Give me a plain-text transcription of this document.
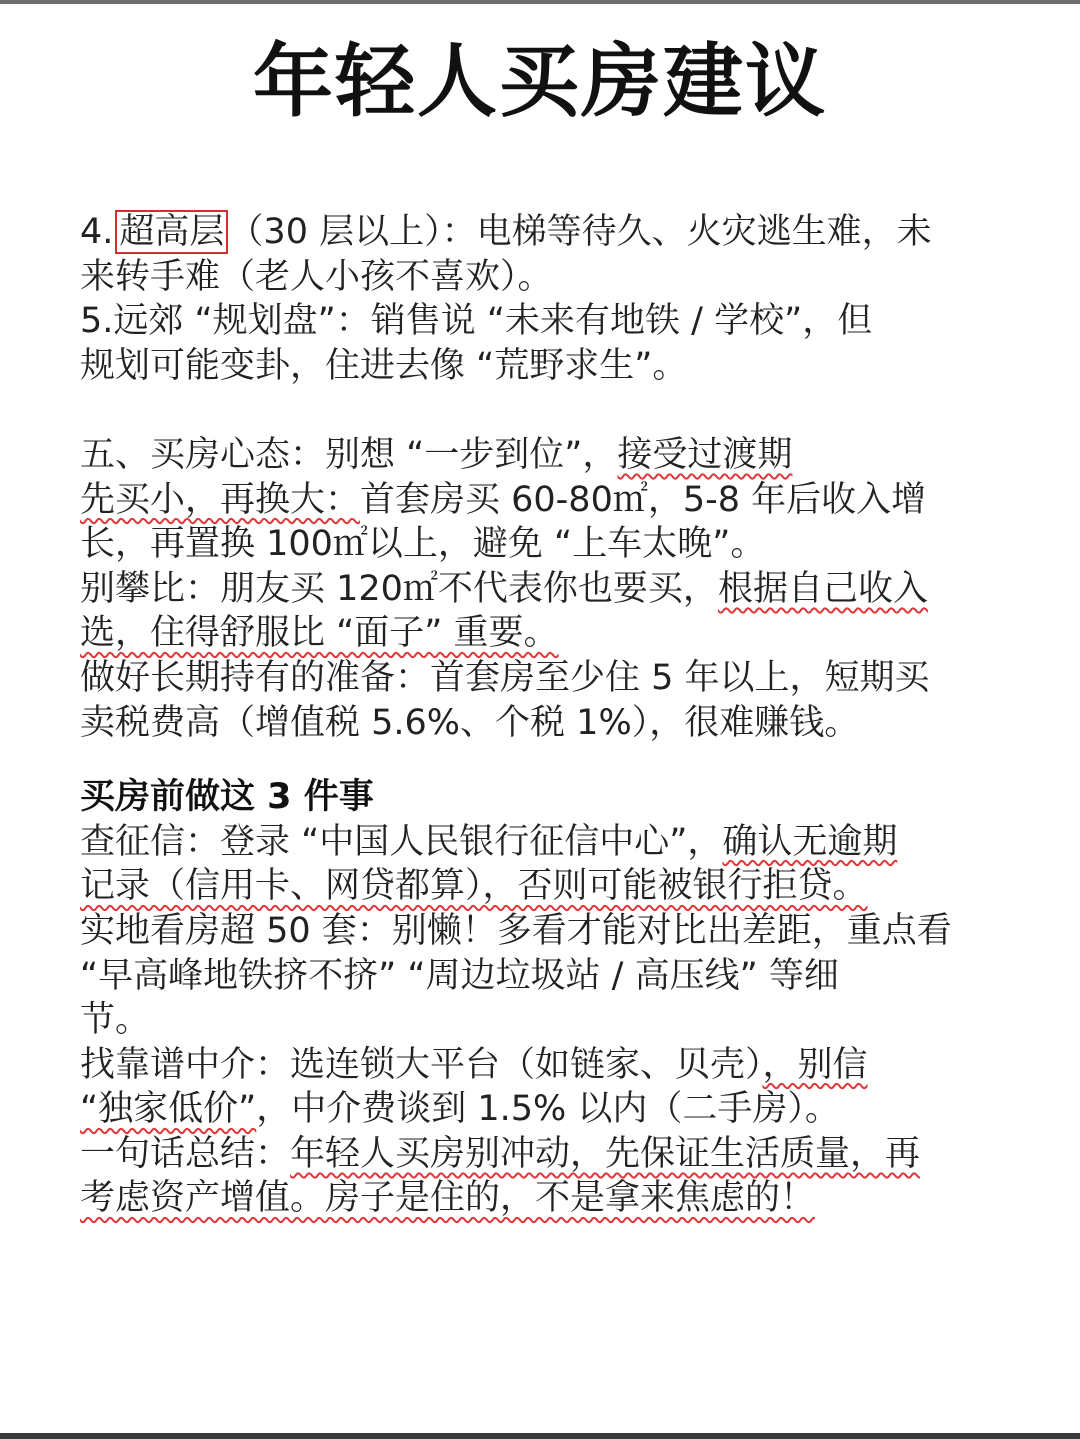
年轻人买房建议
4. 超高层 （30 层以上）：电梯等待久、火灾逃生难，未
来转手难（老人小孩不喜欢）。
5.远郊 “规划盘”：销售说 “未来有地铁 / 学校”，但
规划可能变卦，住进去像 “荒野求生”。
五、买房心态：别想 “一步到位”，接受过渡期
先买小，再换大：首套房买 60-80㎡，5-8 年后收入增
长，再置换 100㎡以上，避免 “上车太晚”。
别攀比：朋友买 120㎡不代表你也要买，根据自己收入
选，住得舒服比 “面子” 重要。
做好长期持有的准备：首套房至少住 5 年以上，短期买
卖税费高（增值税 5.6%、个税 1%），很难赚钱。
买房前做这 3 件事
查征信：登录 “中国人民银行征信中心”，确认无逾期
记录（信用卡、网贷都算），否则可能被银行拒贷。
实地看房超 50 套：别懒！多看才能对比出差距，重点看
“早高峰地铁挤不挤” “周边垃圾站 / 高压线” 等细
节。
找靠谱中介：选连锁大平台（如链家、贝壳），别信
“独家低价”，中介费谈到 1.5% 以内（二手房）。
一句话总结：年轻人买房别冲动，先保证生活质量，再
考虑资产增值。房子是住的，不是拿来焦虑的！
